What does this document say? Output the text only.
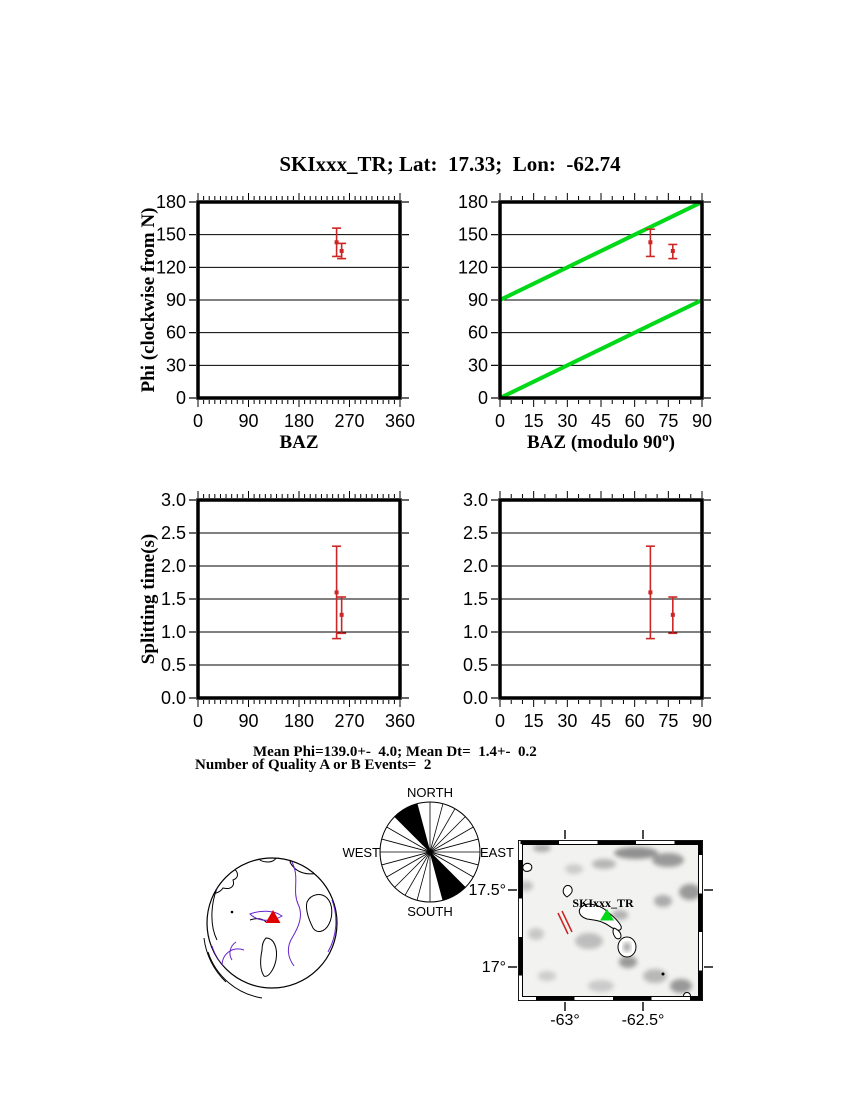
SKIxxx_TR; Lat:  17.33;  Lon:  -62.74
0 90 180 270 360
0
30
60
90
120
150
180
Phi (clockwise from N)
BAZ
0 15 30 45 60 75 90
0
30
60
90
120
150
180
BAZ (modulo 90$^o$)
0 90 180 270 360
0.0
0.5
1.0
1.5
2.0
2.5
3.0
Splitting time(s)
0 15 30 45 60 75 90
0.0
0.5
1.0
1.5
2.0
2.5
3.0
NORTH
WEST	EAST
SOUTH
SKIxxx_TR
17.5°
17°
-63°	-62.5°
Mean Phi=139.0+-  4.0; Mean Dt=  1.4+-  0.2
Number of Quality A or B Events=  2
